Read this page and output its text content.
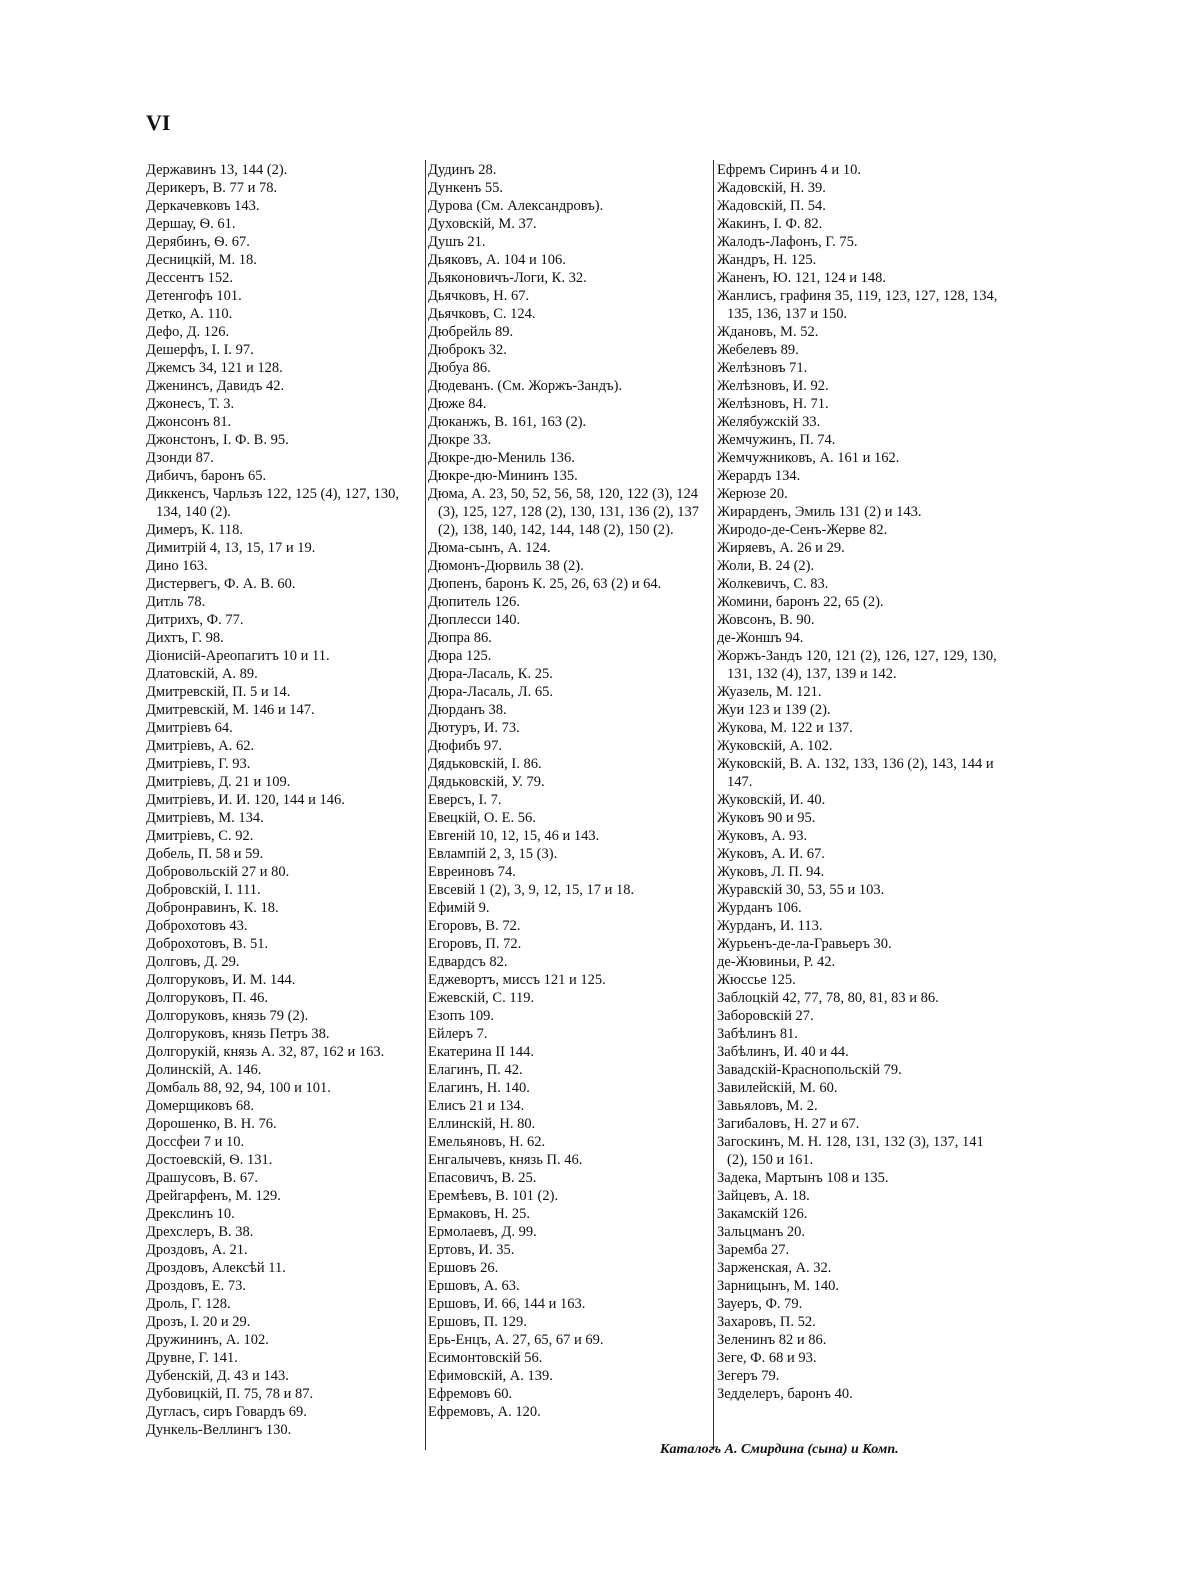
VI
Державинъ 13, 144 (2).
Дерикеръ, В. 77 и 78.
Деркачевковъ 143.
Дершау, Ѳ. 61.
Дерябинъ, Ѳ. 67.
Десницкій, М. 18.
Дессентъ 152.
Детенгофъ 101.
Детко, А. 110.
Дефо, Д. 126.
Дешерфъ, І. І. 97.
Джемсъ 34, 121 и 128.
Дженинсъ, Давидъ 42.
Джонесъ, Т. 3.
Джонсонъ 81.
Джонстонъ, І. Ф. В. 95.
Дзонди 87.
Дибичъ, баронъ 65.
Диккенсъ, Чарльзъ 122, 125 (4), 127, 130, 134, 140 (2).
Димеръ, К. 118.
Димитрій 4, 13, 15, 17 и 19.
Дино 163.
Дистервегъ, Ф. А. В. 60.
Дитль 78.
Дитрихъ, Ф. 77.
Дихтъ, Г. 98.
Діонисій-Ареопагитъ 10 и 11.
Длатовскій, А. 89.
Дмитревскій, П. 5 и 14.
Дмитревскій, М. 146 и 147.
Дмитріевъ 64.
Дмитріевъ, А. 62.
Дмитріевъ, Г. 93.
Дмитріевъ, Д. 21 и 109.
Дмитріевъ, И. И. 120, 144 и 146.
Дмитріевъ, М. 134.
Дмитріевъ, С. 92.
Добель, П. 58 и 59.
Добровольскій 27 и 80.
Добровскій, І. 111.
Добронравинъ, К. 18.
Доброхотовъ 43.
Доброхотовъ, В. 51.
Долговъ, Д. 29.
Долгоруковъ, И. М. 144.
Долгоруковъ, П. 46.
Долгоруковъ, князь 79 (2).
Долгоруковъ, князь Петръ 38.
Долгорукій, князь А. 32, 87, 162 и 163.
Долинскій, А. 146.
Домбаль 88, 92, 94, 100 и 101.
Домерщиковъ 68.
Дорошенко, В. Н. 76.
Доссфеи 7 и 10.
Достоевскій, Ѳ. 131.
Драшусовъ, В. 67.
Дрейгарфенъ, М. 129.
Дрекслинъ 10.
Дрехслеръ, В. 38.
Дроздовъ, А. 21.
Дроздовъ, Алексѣй 11.
Дроздовъ, Е. 73.
Дроль, Г. 128.
Дрозъ, І. 20 и 29.
Дружининъ, А. 102.
Друвне, Г. 141.
Дубенскій, Д. 43 и 143.
Дубовицкій, П. 75, 78 и 87.
Дугласъ, сиръ Говардъ 69.
Дункель-Веллингъ 130.
Дудинъ 28.
Дункенъ 55.
Дурова (См. Александровъ).
Духовскій, М. 37.
Душъ 21.
Дьяковъ, А. 104 и 106.
Дьяконовичъ-Логи, К. 32.
Дьячковъ, Н. 67.
Дьячковъ, С. 124.
Дюбрейль 89.
Дюброкъ 32.
Дюбуа 86.
Дюдеванъ. (См. Жоржъ-Зандъ).
Дюже 84.
Дюканжъ, В. 161, 163 (2).
Дюкре 33.
Дюкре-дю-Мениль 136.
Дюкре-дю-Мининъ 135.
Дюма, А. 23, 50, 52, 56, 58, 120, 122 (3), 124 (3), 125, 127, 128 (2), 130, 131, 136 (2), 137 (2), 138, 140, 142, 144, 148 (2), 150 (2).
Дюма-сынъ, А. 124.
Дюмонъ-Дюрвиль 38 (2).
Дюпенъ, баронъ К. 25, 26, 63 (2) и 64.
Дюпитель 126.
Дюплесси 140.
Дюпра 86.
Дюра 125.
Дюра-Ласаль, К. 25.
Дюра-Ласаль, Л. 65.
Дюрданъ 38.
Дютуръ, И. 73.
Дюфибъ 97.
Дядьковскій, І. 86.
Дядьковскій, У. 79.
Еверсъ, І. 7.
Евецкій, О. Е. 56.
Евгеній 10, 12, 15, 46 и 143.
Евлампій 2, 3, 15 (3).
Евреиновъ 74.
Евсевій 1 (2), 3, 9, 12, 15, 17 и 18.
Ефимій 9.
Егоровъ, В. 72.
Егоровъ, П. 72.
Едвардсъ 82.
Еджевортъ, миссъ 121 и 125.
Ежевскій, С. 119.
Езопъ 109.
Ейлеръ 7.
Екатерина II 144.
Елагинъ, П. 42.
Елагинъ, Н. 140.
Елисъ 21 и 134.
Еллинскій, Н. 80.
Емельяновъ, Н. 62.
Енгалычевъ, князь П. 46.
Епасовичъ, В. 25.
Еремѣевъ, В. 101 (2).
Ермаковъ, Н. 25.
Ермолаевъ, Д. 99.
Ертовъ, И. 35.
Ершовъ 26.
Ершовъ, А. 63.
Ершовъ, И. 66, 144 и 163.
Ершовъ, П. 129.
Ерь-Енцъ, А. 27, 65, 67 и 69.
Есимонтовскій 56.
Ефимовскій, А. 139.
Ефремовъ 60.
Ефремовъ, А. 120.
Ефремъ Сиринъ 4 и 10.
Жадовскій, Н. 39.
Жадовскій, П. 54.
Жакинъ, І. Ф. 82.
Жалодъ-Лафонъ, Г. 75.
Жандръ, Н. 125.
Жаненъ, Ю. 121, 124 и 148.
Жанлисъ, графиня 35, 119, 123, 127, 128, 134, 135, 136, 137 и 150.
Ждановъ, М. 52.
Жебелевъ 89.
Желѣзновъ 71.
Желѣзновъ, И. 92.
Желѣзновъ, Н. 71.
Желябужскій 33.
Жемчужинъ, П. 74.
Жемчужниковъ, А. 161 и 162.
Жерардъ 134.
Жерюзе 20.
Жирарденъ, Эмиль 131 (2) и 143.
Жиродо-де-Сенъ-Жерве 82.
Жиряевъ, А. 26 и 29.
Жоли, В. 24 (2).
Жолкевичъ, С. 83.
Жомини, баронъ 22, 65 (2).
Жовсонъ, В. 90.
де-Жоншъ 94.
Жоржъ-Зандъ 120, 121 (2), 126, 127, 129, 130, 131, 132 (4), 137, 139 и 142.
Жуазель, М. 121.
Жуи 123 и 139 (2).
Жукова, М. 122 и 137.
Жуковскій, А. 102.
Жуковскій, В. А. 132, 133, 136 (2), 143, 144 и 147.
Жуковскій, И. 40.
Жуковъ 90 и 95.
Жуковъ, А. 93.
Жуковъ, А. И. 67.
Жуковъ, Л. П. 94.
Журавскій 30, 53, 55 и 103.
Журданъ 106.
Журданъ, И. 113.
Журьенъ-де-ла-Гравьеръ 30.
де-Жювиньи, Р. 42.
Жюссье 125.
Заблоцкій 42, 77, 78, 80, 81, 83 и 86.
Заборовскій 27.
Забѣлинъ 81.
Забѣлинъ, И. 40 и 44.
Завадскій-Краснопольскій 79.
Завилейскій, М. 60.
Завьяловъ, М. 2.
Загибаловъ, Н. 27 и 67.
Загоскинъ, М. Н. 128, 131, 132 (3), 137, 141 (2), 150 и 161.
Задека, Мартынъ 108 и 135.
Зайцевъ, А. 18.
Закамскій 126.
Зальцманъ 20.
Заремба 27.
Зарженская, А. 32.
Зарницынъ, М. 140.
Зауеръ, Ф. 79.
Захаровъ, П. 52.
Зеленинъ 82 и 86.
Зеге, Ф. 68 и 93.
Зегеръ 79.
Зедделеръ, баронъ 40.
Каталогъ А. Смирдина (сына) и Комп.
